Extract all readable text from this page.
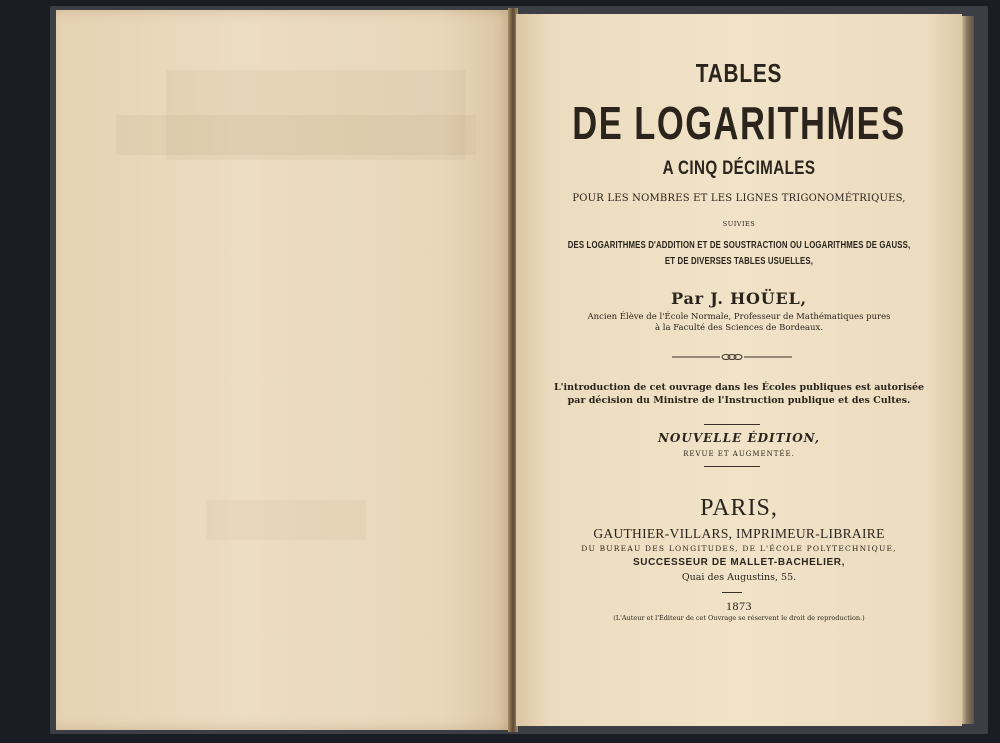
TABLES
DE LOGARITHMES
A CINQ DÉCIMALES
POUR LES NOMBRES ET LES LIGNES TRIGONOMÉTRIQUES,
SUIVIES
DES LOGARITHMES D'ADDITION ET DE SOUSTRACTION OU LOGARITHMES DE GAUSS,
ET DE DIVERSES TABLES USUELLES,
Par J. HOÜEL,
Ancien Élève de l'École Normale, Professeur de Mathématiques pures
à la Faculté des Sciences de Bordeaux.
L'introduction de cet ouvrage dans les Écoles publiques est autorisée
par décision du Ministre de l'Instruction publique et des Cultes.
NOUVELLE ÉDITION,
REVUE ET AUGMENTÉE.
PARIS,
GAUTHIER-VILLARS, IMPRIMEUR-LIBRAIRE
DU BUREAU DES LONGITUDES, DE L'ÉCOLE POLYTECHNIQUE,
SUCCESSEUR DE MALLET-BACHELIER,
Quai des Augustins, 55.
1873
(L'Auteur et l'Éditeur de cet Ouvrage se réservent le droit de reproduction.)
